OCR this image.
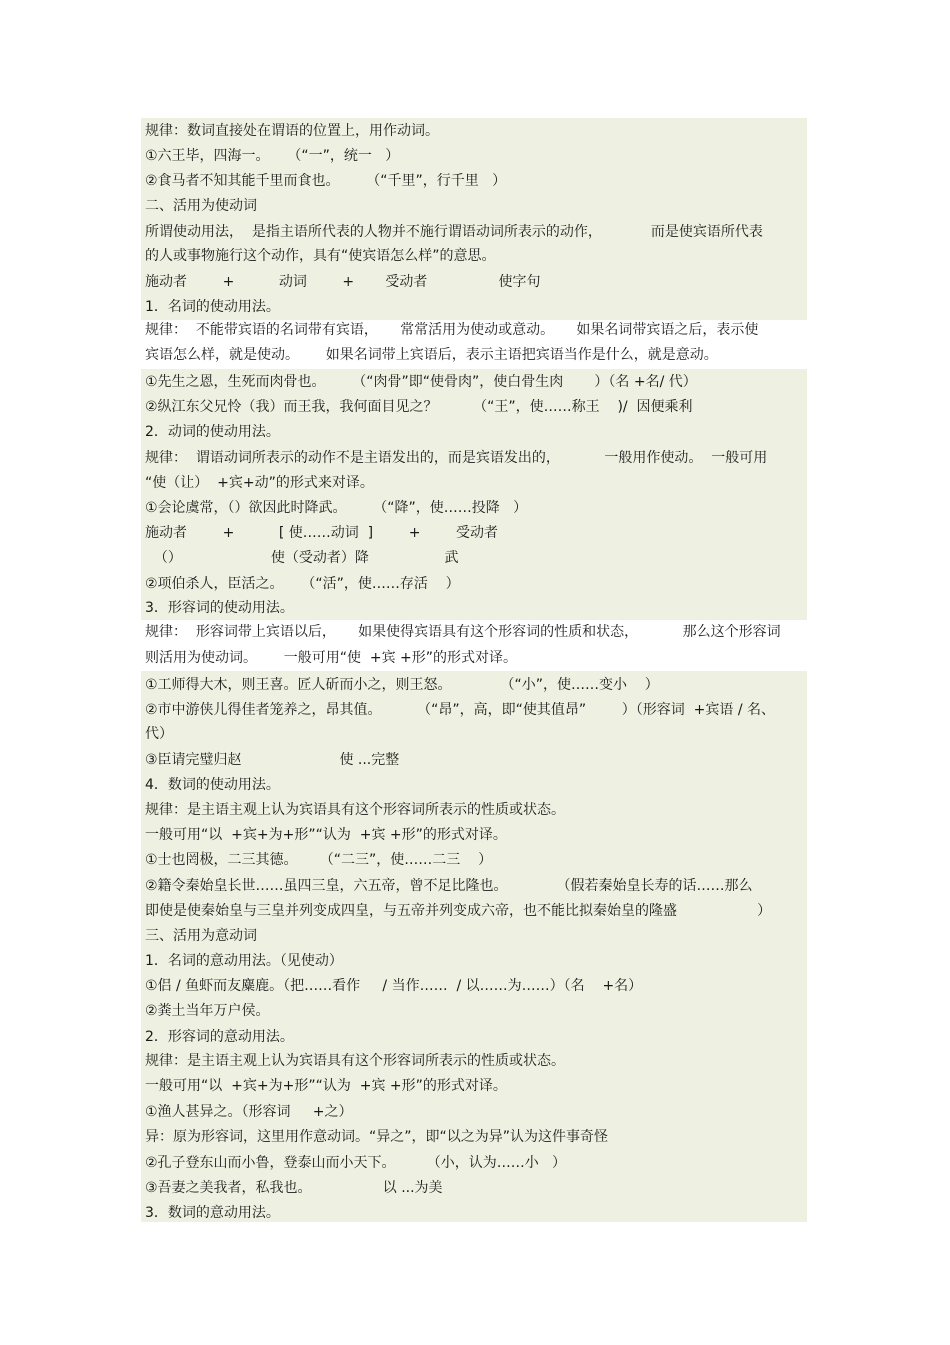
规律：数词直接处在谓语的位置上，用作动词。
①六王毕，四海一。    （“一”，统一   ）
②食马者不知其能千里而食也。      （“千里”，行千里   ）
二、活用为使动词
所谓使动用法，  是指主语所代表的人物并不施行谓语动词所表示的动作，           而是使宾语所代表
的人或事物施行这个动作，具有“使宾语怎么样”的意思。
施动者        +          动词        +       受动者                使字句
1．名词的使动用法。
规律：  不能带宾语的名词带有宾语，     常常活用为使动或意动。     如果名词带宾语之后，表示使
宾语怎么样，就是使动。      如果名词带上宾语后，表示主语把宾语当作是什么，就是意动。
①先生之恩，生死而肉骨也。      （“肉骨”即“使骨肉”，使白骨生肉       ）（名 +名/ 代）
②纵江东父兄怜（我）而王我，我何面目见之？        （“王”，使……称王    )/  因便乘利
2．动词的使动用法。
规律：  谓语动词所表示的动作不是主语发出的，而是宾语发出的，          一般用作使动。  一般可用
“使（让）  +宾+动”的形式来对译。
①会论虞常，（）欲因此时降武。      （“降”，使……投降   ）
施动者        +          [ 使……动词  ]        +        受动者
（）                    使（受动者）降                 武
②项伯杀人，臣活之。    （“活”，使……存活    ）
3．形容词的使动用法。
规律：  形容词带上宾语以后，     如果使得宾语具有这个形容词的性质和状态，          那么这个形容词
则活用为使动词。      一般可用“使  +宾 +形”的形式对译。
①工师得大木，则王喜。匠人斫而小之，则王怒。           （“小”，使……变小    ）
②市中游侠儿得佳者笼养之，昂其值。        （“昂”，高，即“使其值昂”        ）（形容词  +宾语 / 名、
代）
③臣请完璧归赵                      使 ...完整
4．数词的使动用法。
规律：是主语主观上认为宾语具有这个形容词所表示的性质或状态。
一般可用“以  +宾+为+形”“认为  +宾 +形”的形式对译。
①士也罔极，二三其德。     （“二三”，使……二三    ）
②籍令秦始皇长世……虽四三皇，六五帝，曾不足比隆也。           （假若秦始皇长寿的话……那么
即使是使秦始皇与三皇并列变成四皇，与五帝并列变成六帝，也不能比拟秦始皇的隆盛                  ）
三、活用为意动词
1．名词的意动用法。（见使动）
①侣 / 鱼虾而友麋鹿。（把……看作     / 当作……  / 以……为……）（名    +名）
②粪土当年万户侯。
2．形容词的意动用法。
规律：是主语主观上认为宾语具有这个形容词所表示的性质或状态。
一般可用“以  +宾+为+形”“认为  +宾 +形”的形式对译。
①渔人甚异之。（形容词     +之）
异：原为形容词，这里用作意动词。“异之”，即“以之为异”认为这件事奇怪
②孔子登东山而小鲁，登泰山而小天下。       （小，认为……小   ）
③吾妻之美我者，私我也。                以 ...为美
3．数词的意动用法。
